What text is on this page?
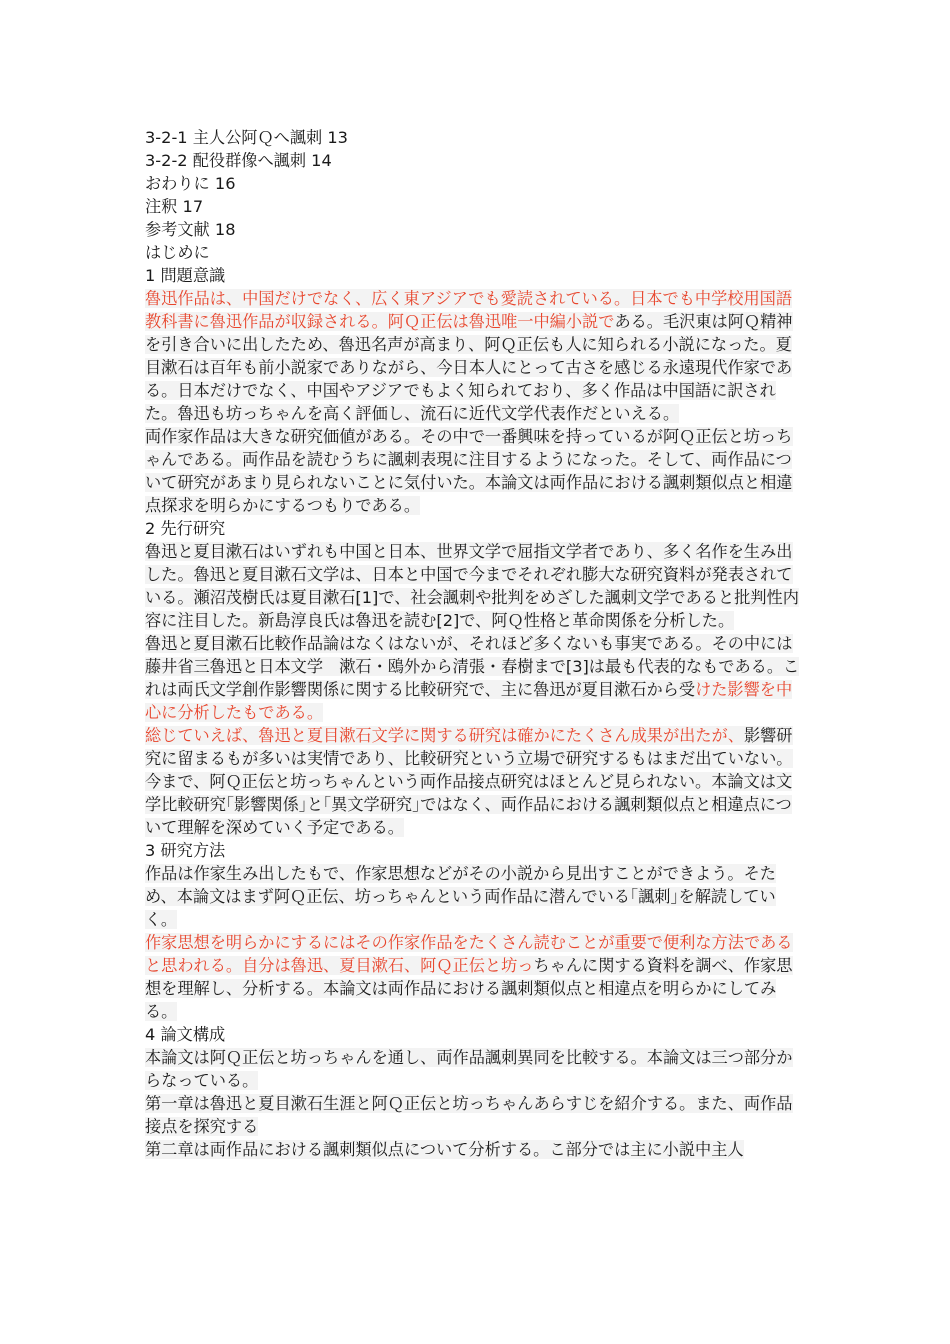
3-2-1 主人公阿Ｑへ諷刺 13
3-2-2 配役群像へ諷刺 14
おわりに 16
注釈 17
参考文献 18
はじめに
1 問題意識
魯迅作品は、中国だけでなく、広く東アジアでも愛読されている。日本でも中学校用国語教科書に魯迅作品が収録される。阿Ｑ正伝は魯迅唯一中編小説である。毛沢東は阿Ｑ精神を引き合いに出したため、魯迅名声が高まり、阿Ｑ正伝も人に知られる小説になった。夏目漱石は百年も前小説家でありながら、今日本人にとって古さを感じる永遠現代作家である。日本だけでなく、中国やアジアでもよく知られており、多く作品は中国語に訳された。魯迅も坊っちゃんを高く評価し、流石に近代文学代表作だといえる。
両作家作品は大きな研究価値がある。その中で一番興味を持っているが阿Ｑ正伝と坊っちゃんである。両作品を読むうちに諷刺表現に注目するようになった。そして、両作品について研究があまり見られないことに気付いた。本論文は両作品における諷刺類似点と相違点探求を明らかにするつもりである。
2 先行研究
魯迅と夏目漱石はいずれも中国と日本、世界文学で屈指文学者であり、多く名作を生み出した。魯迅と夏目漱石文学は、日本と中国で今までそれぞれ膨大な研究資料が発表されている。瀬沼茂樹氏は夏目漱石[1]で、社会諷刺や批判をめざした諷刺文学であると批判性内容に注目した。新島淳良氏は魯迅を読む[2]で、阿Ｑ性格と革命関係を分析した。
魯迅と夏目漱石比較作品論はなくはないが、それほど多くないも事実である。その中には藤井省三魯迅と日本文学　漱石・鴎外から清張・春樹まで[3]は最も代表的なもである。これは両氏文学創作影響関係に関する比較研究で、主に魯迅が夏目漱石から受けた影響を中心に分析したもである。
総じていえば、魯迅と夏目漱石文学に関する研究は確かにたくさん成果が出たが、影響研究に留まるもが多いは実情であり、比較研究という立場で研究するもはまだ出ていない。今まで、阿Ｑ正伝と坊っちゃんという両作品接点研究はほとんど見られない。本論文は文学比較研究｢影響関係｣と｢異文学研究｣ではなく、両作品における諷刺類似点と相違点について理解を深めていく予定である。
3 研究方法
作品は作家生み出したもで、作家思想などがその小説から見出すことができよう。そため、本論文はまず阿Ｑ正伝、坊っちゃんという両作品に潜んでいる｢諷刺｣を解読していく。
作家思想を明らかにするにはその作家作品をたくさん読むことが重要で便利な方法であると思われる。自分は魯迅、夏目漱石、阿Ｑ正伝と坊っちゃんに関する資料を調べ、作家思想を理解し、分析する。本論文は両作品における諷刺類似点と相違点を明らかにしてみる。
4 論文構成
本論文は阿Ｑ正伝と坊っちゃんを通し、両作品諷刺異同を比較する。本論文は三つ部分からなっている。
第一章は魯迅と夏目漱石生涯と阿Ｑ正伝と坊っちゃんあらすじを紹介する。また、両作品接点を探究する
第二章は両作品における諷刺類似点について分析する。こ部分では主に小説中主人
